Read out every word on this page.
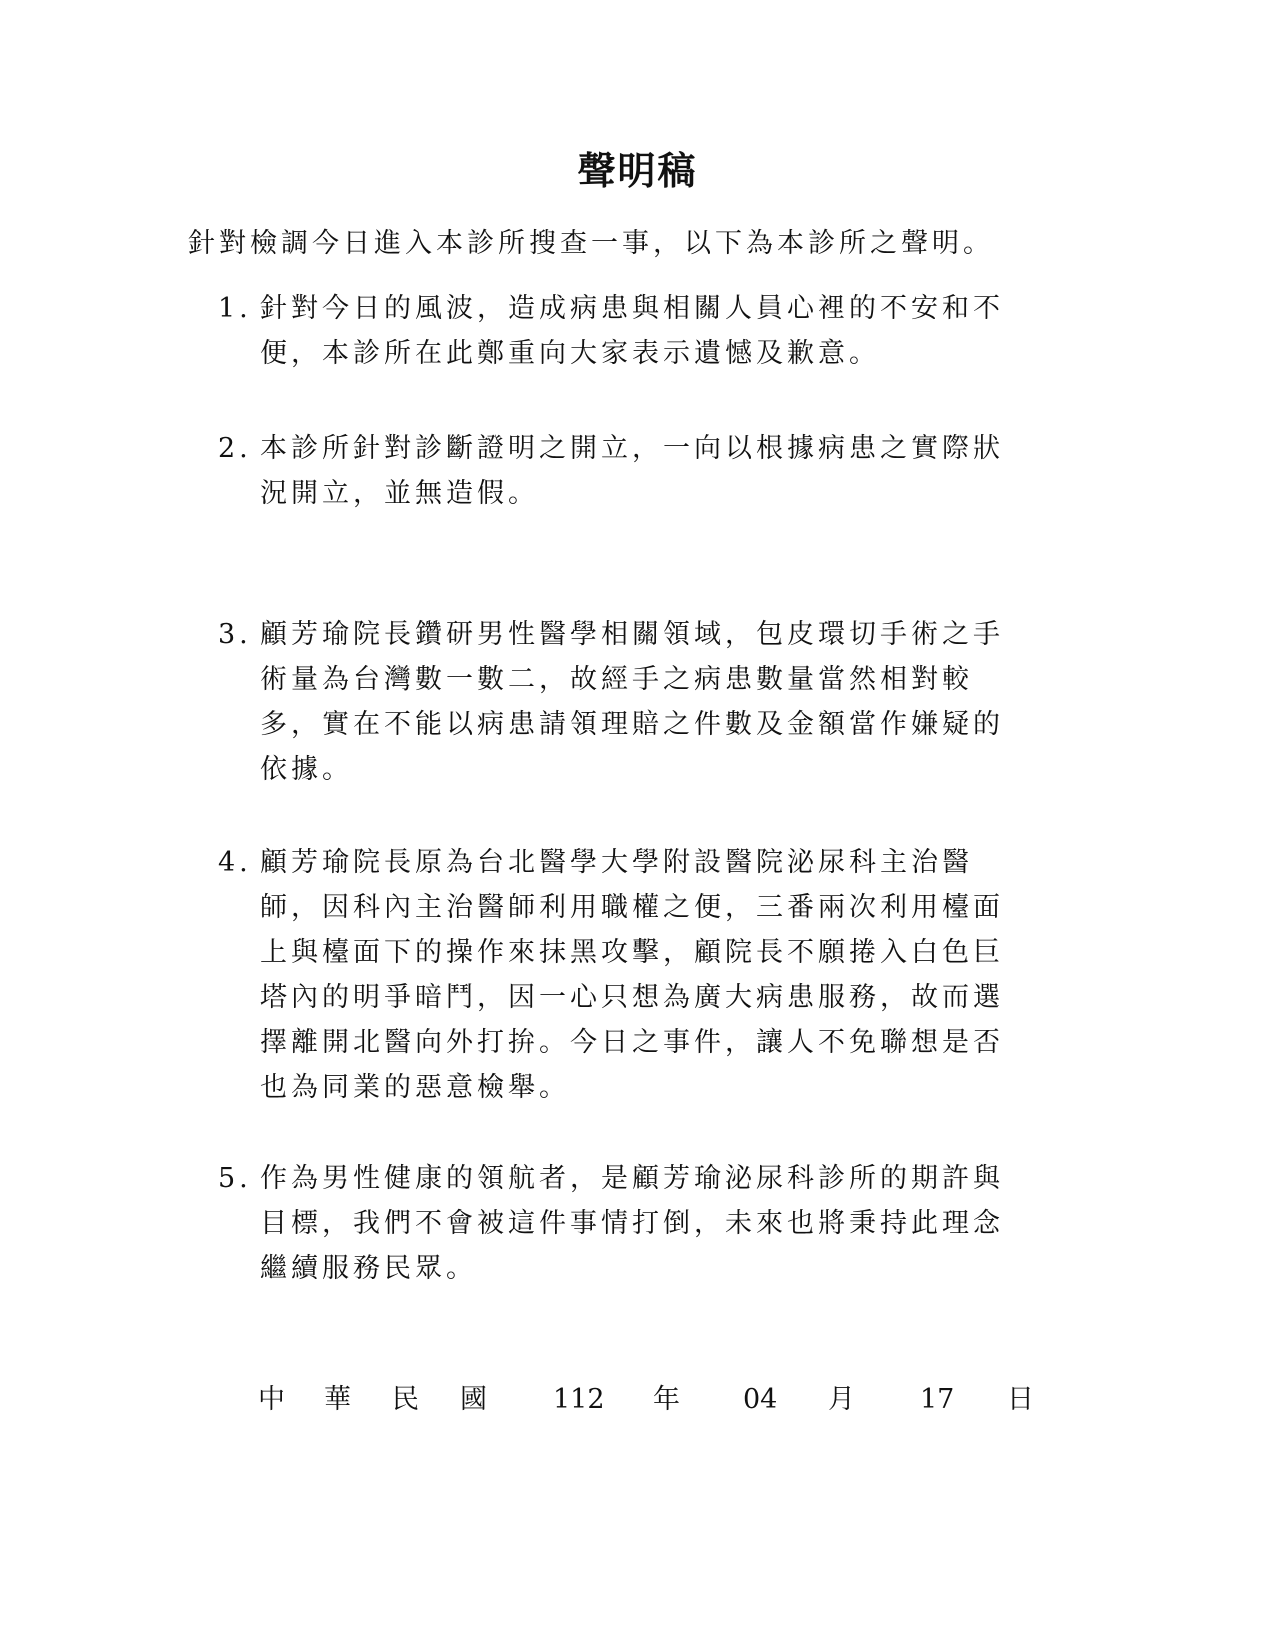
聲明稿
針對檢調今日進入本診所搜查一事，以下為本診所之聲明。
1. 針對今日的風波，造成病患與相關人員心裡的不安和不
便，本診所在此鄭重向大家表示遺憾及歉意。
2. 本診所針對診斷證明之開立，一向以根據病患之實際狀
況開立，並無造假。
3. 顧芳瑜院長鑽研男性醫學相關領域，包皮環切手術之手
術量為台灣數一數二，故經手之病患數量當然相對較
多，實在不能以病患請領理賠之件數及金額當作嫌疑的
依據。
4. 顧芳瑜院長原為台北醫學大學附設醫院泌尿科主治醫
師，因科內主治醫師利用職權之便，三番兩次利用檯面
上與檯面下的操作來抹黑攻擊，顧院長不願捲入白色巨
塔內的明爭暗鬥，因一心只想為廣大病患服務，故而選
擇離開北醫向外打拚。今日之事件，讓人不免聯想是否
也為同業的惡意檢舉。
5. 作為男性健康的領航者，是顧芳瑜泌尿科診所的期許與
目標，我們不會被這件事情打倒，未來也將秉持此理念
繼續服務民眾。
中 華 民 國 112 年 04 月 17 日
